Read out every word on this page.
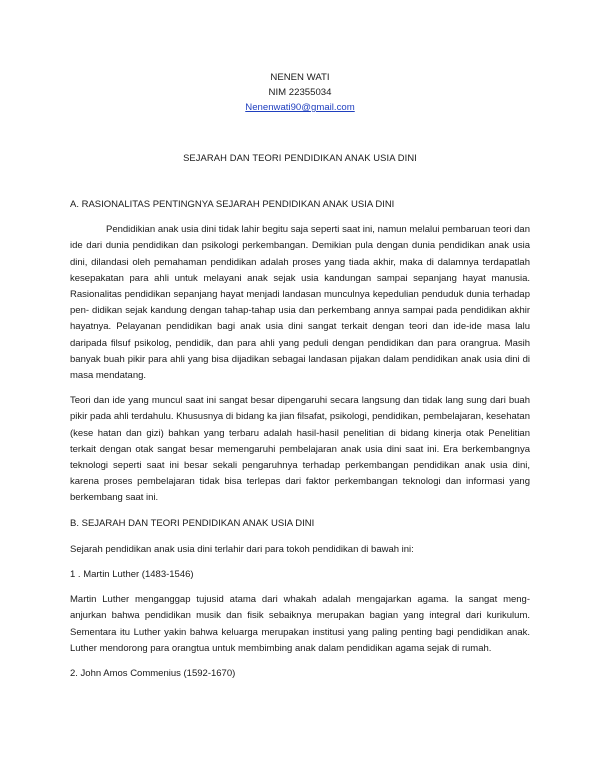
NENEN WATI
NIM 22355034
Nenenwati90@gmail.com
SEJARAH DAN TEORI PENDIDIKAN ANAK USIA DINI

A. RASIONALITAS PENTINGNYA SEJARAH PENDIDIKAN ANAK USIA DINI

Pendidikian anak usia dini tidak lahir begitu saja seperti saat ini, namun melalui pembaruan teori dan ide dari dunia pendidikan dan psikologi perkembangan. Demikian pula dengan dunia pendidikan anak usia dini, dilandasi oleh pemahaman pendidikan adalah proses yang tiada akhir, maka di dalamnya terdapatlah kesepakatan para ahli untuk melayani anak sejak usia kandungan sampai sepanjang hayat manusia. Rasionalitas pendidikan sepanjang hayat menjadi landasan munculnya kepedulian penduduk dunia terhadap pen- didikan sejak kandung dengan tahap-tahap usia dan perkembang annya sampai pada pendidikan akhir hayatnya. Pelayanan pendidikan bagi anak usia dini sangat terkait dengan teori dan ide-ide masa lalu daripada filsuf psikolog, pendidik, dan para ahli yang peduli dengan pendidikan dan para orangrua. Masih banyak buah pikir para ahli yang bisa dijadikan sebagai landasan pijakan dalam pendidikan anak usia dini di masa mendatang.

Teori dan ide yang muncul saat ini sangat besar dipengaruhi secara langsung dan tidak lang sung dari buah pikir pada ahli terdahulu. Khususnya di bidang ka jian filsafat, psikologi, pendidikan, pembelajaran, kesehatan (kese hatan dan gizi) bahkan yang terbaru adalah hasil-hasil penelitian di bidang kinerja otak Penelitian terkait dengan otak sangat besar memengaruhi pembelajaran anak usia dini saat ini. Era berkembangnya teknologi seperti saat ini besar sekali pengaruhnya terhadap perkembangan pendidikan anak usia dini, karena proses pembelajaran tidak bisa terlepas dari faktor perkembangan teknologi dan informasi yang berkembang saat ini.

B. SEJARAH DAN TEORI PENDIDIKAN ANAK USIA DINI

Sejarah pendidikan anak usia dini terlahir dari para tokoh pendidikan di bawah ini:

1 . Martin Luther (1483-1546)

Martin Luther menganggap tujusid atama dari whakah adalah mengajarkan agama. Ia sangat meng- anjurkan bahwa pendidikan musik dan fisik sebaiknya merupakan bagian yang integral dari kurikulum. Sementara itu Luther yakin bahwa keluarga merupakan institusi yang paling penting bagi pendidikan anak. Luther mendorong para orangtua untuk membimbing anak dalam pendidikan agama sejak di rumah.

2. John Amos Commenius (1592-1670)
